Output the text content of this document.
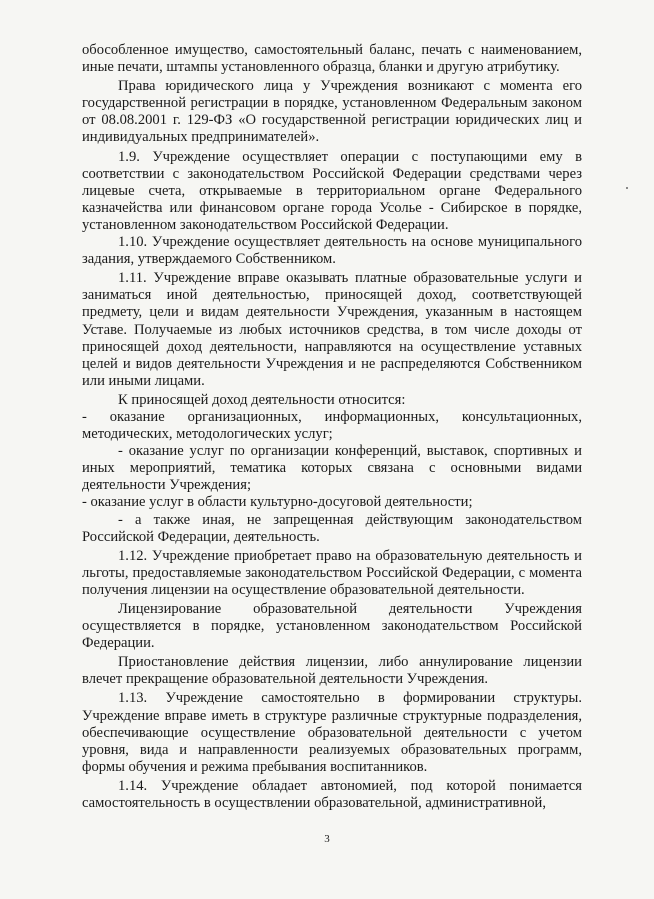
обособленное имущество, самостоятельный баланс, печать с наименованием, иные печати, штампы установленного образца, бланки и другую атрибутику.

Права юридического лица у Учреждения возникают с момента его государственной регистрации в порядке, установленном Федеральным законом от 08.08.2001 г. 129-ФЗ «О государственной регистрации юридических лиц и индивидуальных предпринимателей».

1.9. Учреждение осуществляет операции с поступающими ему в соответствии с законодательством Российской Федерации средствами через лицевые счета, открываемые в территориальном органе Федерального казначейства или финансовом органе города Усолье - Сибирское в порядке, установленном законодательством Российской Федерации.

1.10. Учреждение осуществляет деятельность на основе муниципального задания, утверждаемого Собственником.

1.11. Учреждение вправе оказывать платные образовательные услуги и заниматься иной деятельностью, приносящей доход, соответствующей предмету, цели и видам деятельности Учреждения, указанным в настоящем Уставе. Получаемые из любых источников средства, в том числе доходы от приносящей доход деятельности, направляются на осуществление уставных целей и видов деятельности Учреждения и не распределяются Собственником или иными лицами.

К приносящей доход деятельности относится:

- оказание организационных, информационных, консультационных, методических, методологических услуг;

- оказание услуг по организации конференций, выставок, спортивных и иных мероприятий, тематика которых связана с основными видами деятельности Учреждения;

- оказание услуг в области культурно-досуговой деятельности;

- а также иная, не запрещенная действующим законодательством Российской Федерации, деятельность.

1.12. Учреждение приобретает право на образовательную деятельность и льготы, предоставляемые законодательством Российской Федерации, с момента получения лицензии на осуществление образовательной деятельности.

Лицензирование образовательной деятельности Учреждения осуществляется в порядке, установленном законодательством Российской Федерации.

Приостановление действия лицензии, либо аннулирование лицензии влечет прекращение образовательной деятельности Учреждения.

1.13. Учреждение самостоятельно в формировании структуры. Учреждение вправе иметь в структуре различные структурные подразделения, обеспечивающие осуществление образовательной деятельности с учетом уровня, вида и направленности реализуемых образовательных программ, формы обучения и режима пребывания воспитанников.

1.14. Учреждение обладает автономией, под которой понимается самостоятельность в осуществлении образовательной, административной,

3
